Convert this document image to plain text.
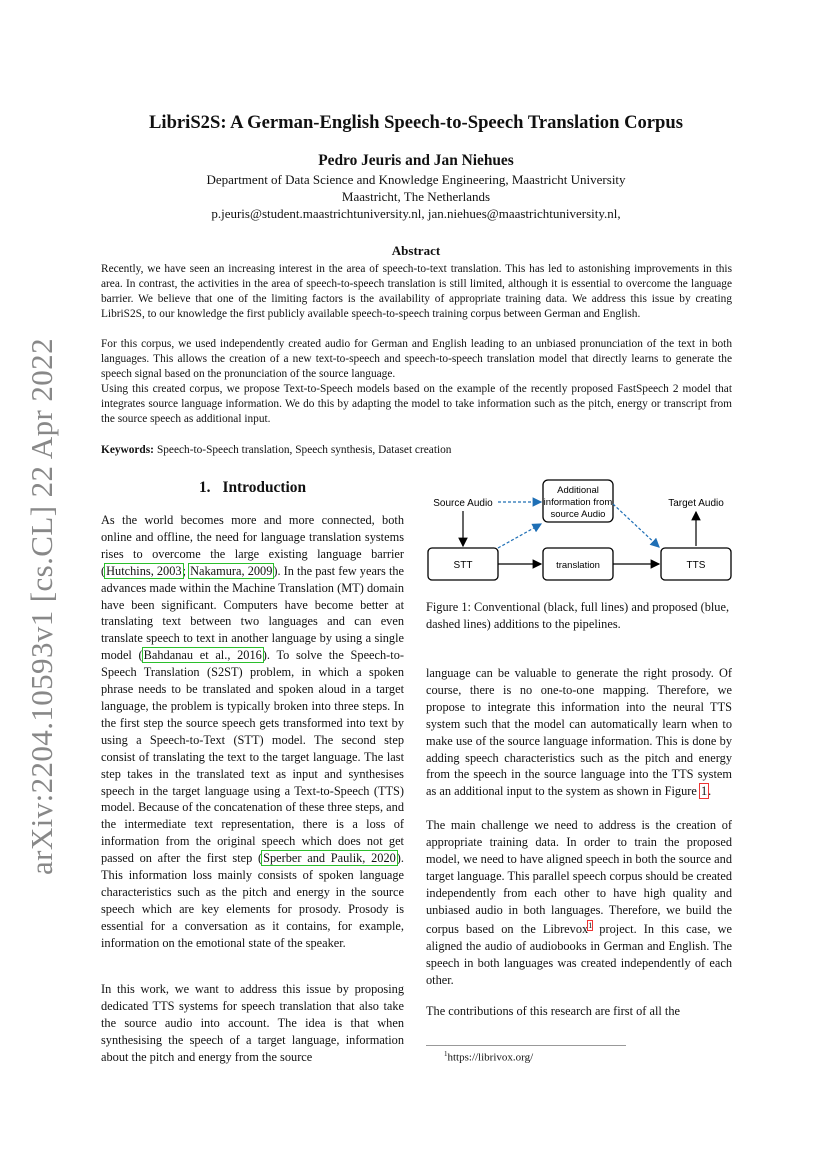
arXiv:2204.10593v1 [cs.CL] 22 Apr 2022
LibriS2S: A German-English Speech-to-Speech Translation Corpus
Pedro Jeuris and Jan Niehues
Department of Data Science and Knowledge Engineering, Maastricht University
Maastricht, The Netherlands
p.jeuris@student.maastrichtuniversity.nl, jan.niehues@maastrichtuniversity.nl,
Abstract

Recently, we have seen an increasing interest in the area of speech-to-text translation. This has led to astonishing improvements in this area. In contrast, the activities in the area of speech-to-speech translation is still limited, although it is essential to overcome the language barrier. We believe that one of the limiting factors is the availability of appropriate training data. We address this issue by creating LibriS2S, to our knowledge the first publicly available speech-to-speech training corpus between German and English.

For this corpus, we used independently created audio for German and English leading to an unbiased pronunciation of the text in both languages. This allows the creation of a new text-to-speech and speech-to-speech translation model that directly learns to generate the speech signal based on the pronunciation of the source language.

Using this created corpus, we propose Text-to-Speech models based on the example of the recently proposed FastSpeech 2 model that integrates source language information. We do this by adapting the model to take information such as the pitch, energy or transcript from the source speech as additional input.

Keywords: Speech-to-Speech translation, Speech synthesis, Dataset creation
1. Introduction

As the world becomes more and more connected, both online and offline, the need for language translation systems rises to overcome the large existing language barrier (Hutchins, 2003; Nakamura, 2009). In the past few years the advances made within the Machine Translation (MT) domain have been significant. Computers have become better at translating text between two languages and can even translate speech to text in another language by using a single model (Bahdanau et al., 2016). To solve the Speech-to-Speech Translation (S2ST) problem, in which a spoken phrase needs to be translated and spoken aloud in a target language, the problem is typically broken into three steps. In the first step the source speech gets transformed into text by using a Speech-to-Text (STT) model. The second step consist of translating the text to the target language. The last step takes in the translated text as input and synthesises speech in the target language using a Text-to-Speech (TTS) model. Because of the concatenation of these three steps, and the intermediate text representation, there is a loss of information from the original speech which does not get passed on after the first step (Sperber and Paulik, 2020). This information loss mainly consists of spoken language characteristics such as the pitch and energy in the source speech which are key elements for prosody. Prosody is essential for a conversation as it contains, for example, information on the emotional state of the speaker.

In this work, we want to address this issue by proposing dedicated TTS systems for speech translation that also take the source audio into account. The idea is that when synthesising the speech of a target language, information about the pitch and energy from the source

Source Audio
Additional
information from
source Audio
Target Audio
STT	translation	TTS

Figure 1: Conventional (black, full lines) and proposed (blue, dashed lines) additions to the pipelines.

language can be valuable to generate the right prosody. Of course, there is no one-to-one mapping. Therefore, we propose to integrate this information into the neural TTS system such that the model can automatically learn when to make use of the source language information. This is done by adding speech characteristics such as the pitch and energy from the speech in the source language into the TTS system as an additional input to the system as shown in Figure 1.

The main challenge we need to address is the creation of appropriate training data. In order to train the proposed model, we need to have aligned speech in both the source and target language. This parallel speech corpus should be created independently from each other to have high quality and unbiased audio in both languages. Therefore, we build the corpus based on the Librevox$^1$ project. In this case, we aligned the audio of audiobooks in German and English. The speech in both languages was created independently of each other.

The contributions of this research are first of all the

$^1$https://librivox.org/
